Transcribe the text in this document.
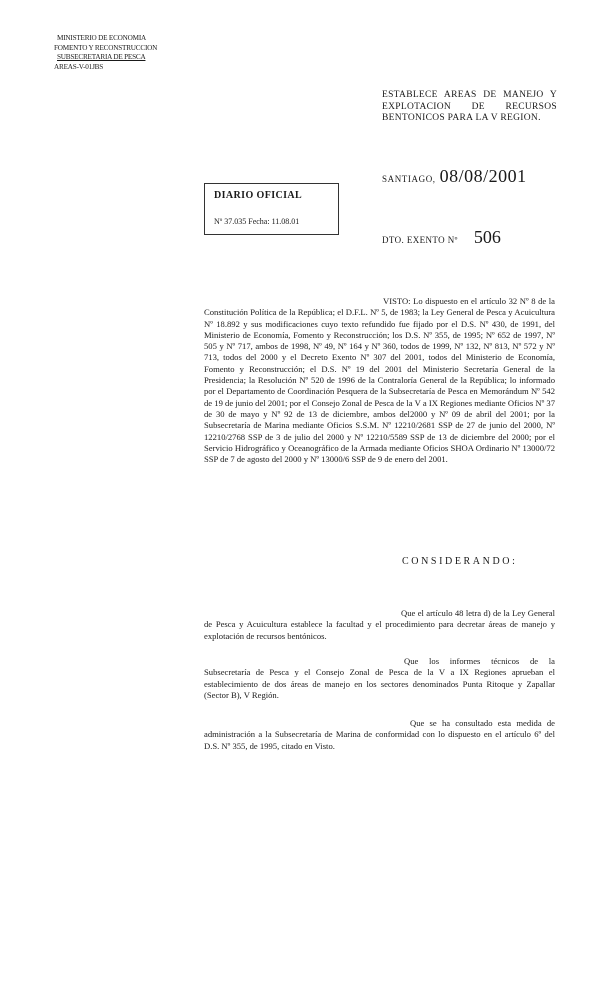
MINISTERIO DE ECONOMIA
FOMENTO Y RECONSTRUCCION
SUBSECRETARIA DE PESCA
AREAS-V-01JBS
ESTABLECE AREAS DE MANEJO Y EXPLOTACION DE RECURSOS BENTONICOS PARA LA V REGION.
SANTIAGO, 08/08/2001
DIARIO OFICIAL
Nº 37.035 Fecha: 11.08.01
DTO. EXENTO Nº 506
VISTO: Lo dispuesto en el artículo 32 Nº 8 de la Constitución Política de la República; el D.F.L. Nº 5, de 1983; la Ley General de Pesca y Acuicultura Nº 18.892 y sus modificaciones cuyo texto refundido fue fijado por el D.S. Nº 430, de 1991, del Ministerio de Economía, Fomento y Reconstrucción; los D.S. Nº 355, de 1995; Nº 652 de 1997, Nº 505 y Nº 717, ambos de 1998, Nº 49, Nº 164 y Nº 360, todos de 1999, Nº 132, Nº 813, Nº 572 y Nº 713, todos del 2000 y el Decreto Exento Nº 307 del 2001, todos del Ministerio de Economía, Fomento y Reconstrucción; el D.S. Nº 19 del 2001 del Ministerio Secretaría General de la Presidencia; la Resolución Nº 520 de 1996 de la Contraloría General de la República; lo informado por el Departamento de Coordinación Pesquera de la Subsecretaría de Pesca en Memorándum Nº 542 de 19 de junio del 2001; por el Consejo Zonal de Pesca de la V a IX Regiones mediante Oficios Nº 37 de 30 de mayo y Nº 92 de 13 de diciembre, ambos del2000 y Nº 09 de abril del 2001; por la Subsecretaría de Marina mediante Oficios S.S.M. Nº 12210/2681 SSP de 27 de junio del 2000, Nº 12210/2768 SSP de 3 de julio del 2000 y Nº 12210/5589 SSP de 13 de diciembre del 2000; por el Servicio Hidrográfico y Oceanográfico de la Armada mediante Oficios SHOA Ordinario Nº 13000/72 SSP de 7 de agosto del 2000 y Nº 13000/6 SSP de 9 de enero del 2001.
CONSIDERANDO:
Que el artículo 48 letra d) de la Ley General de Pesca y Acuicultura establece la facultad y el procedimiento para decretar áreas de manejo y explotación de recursos bentónicos.
Que los informes técnicos de la Subsecretaría de Pesca y el Consejo Zonal de Pesca de la V a IX Regiones aprueban el establecimiento de dos áreas de manejo en los sectores denominados Punta Ritoque y Zapallar (Sector B), V Región.
Que se ha consultado esta medida de administración a la Subsecretaría de Marina de conformidad con lo dispuesto en el artículo 6º del D.S. Nº 355, de 1995, citado en Visto.
